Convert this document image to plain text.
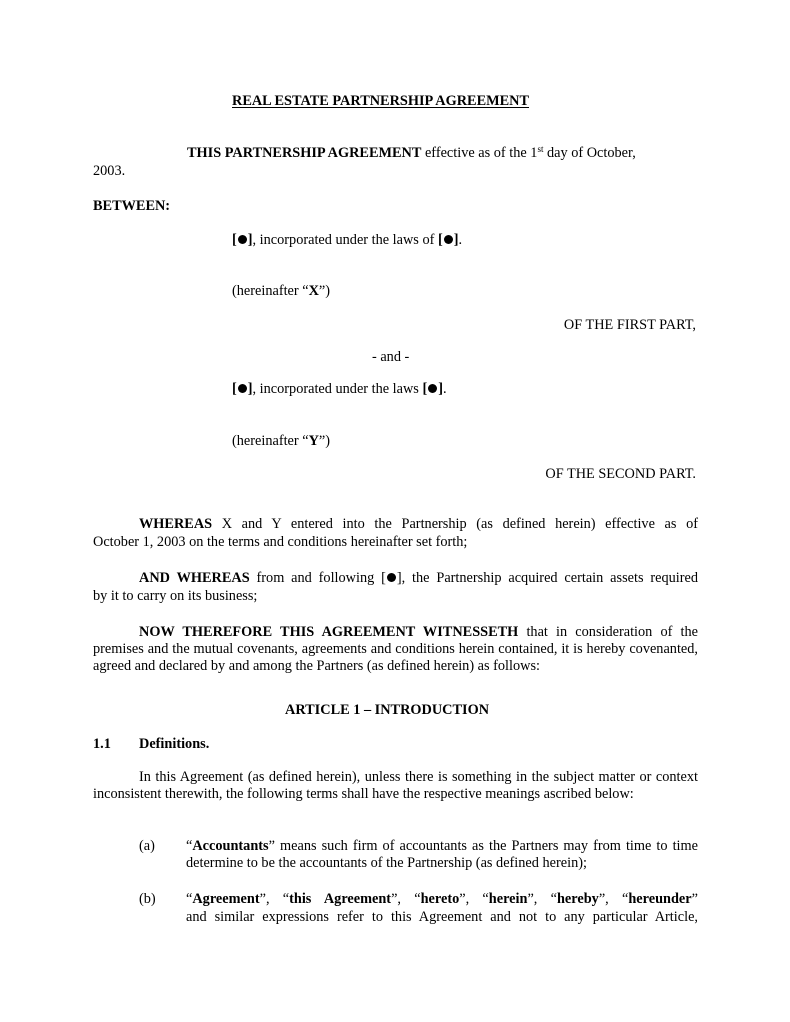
REAL ESTATE PARTNERSHIP AGREEMENT
THIS PARTNERSHIP AGREEMENT effective as of the 1st day of October,
2003.
BETWEEN:
[ ], incorporated under the laws of [ ].
(hereinafter “X”)
OF THE FIRST PART,
- and -
[ ], incorporated under the laws [ ].
(hereinafter “Y”)
OF THE SECOND PART.
WHEREAS X and Y entered into the Partnership (as defined herein) effective as of
October 1, 2003 on the terms and conditions hereinafter set forth;
AND WHEREAS from and following [ ], the Partnership acquired certain assets required
by it to carry on its business;
NOW THEREFORE THIS AGREEMENT WITNESSETH that in consideration of the premises and the mutual covenants, agreements and conditions herein contained, it is hereby covenanted, agreed and declared by and among the Partners (as defined herein) as follows:
ARTICLE 1 – INTRODUCTION
1.1 Definitions.
In this Agreement (as defined herein), unless there is something in the subject matter or context inconsistent therewith, the following terms shall have the respective meanings ascribed below:
(a) “Accountants” means such firm of accountants as the Partners may from time to time determine to be the accountants of the Partnership (as defined herein);
(b) “Agreement”, “this Agreement”, “hereto”, “herein”, “hereby”, “hereunder”
and similar expressions refer to this Agreement and not to any particular Article,
